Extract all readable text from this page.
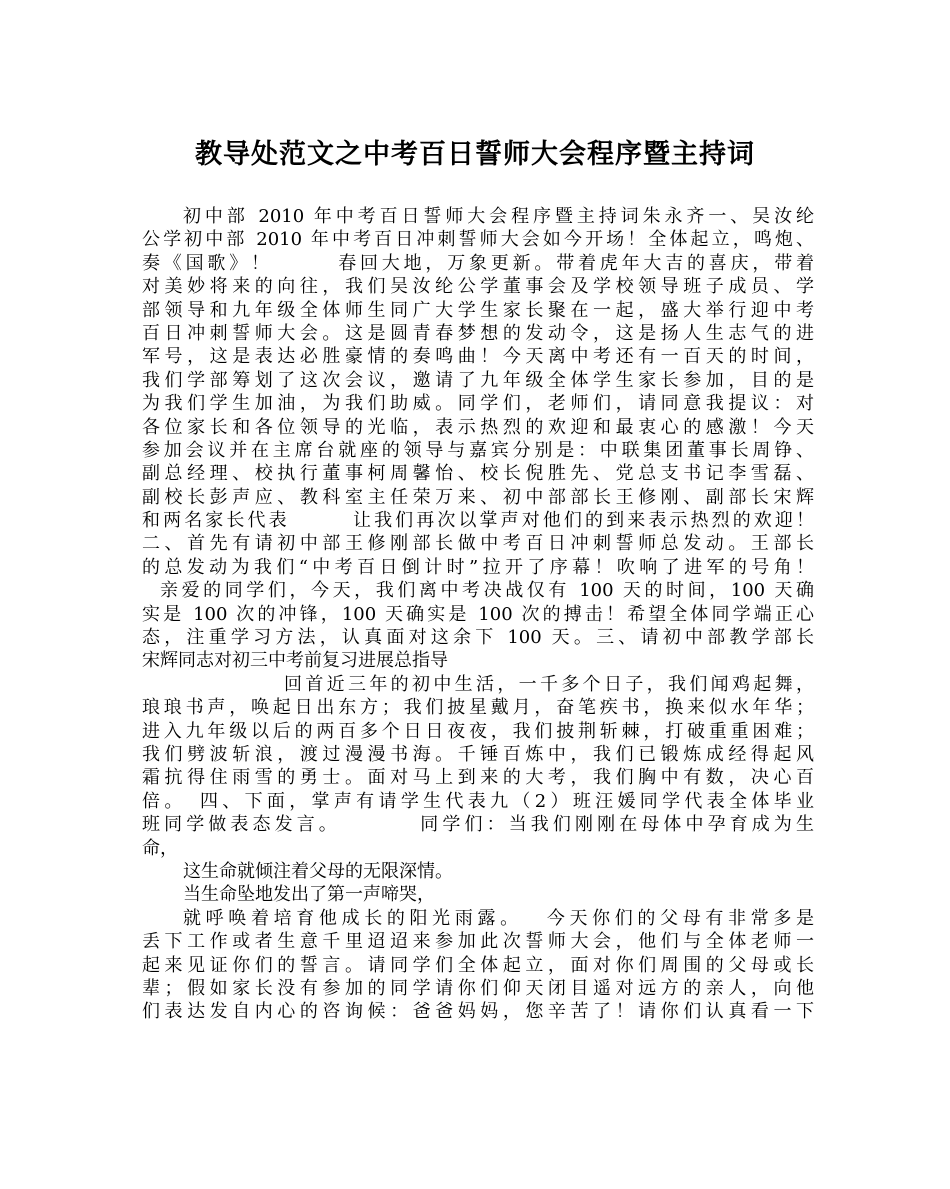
教导处范文之中考百日誓师大会程序暨主持词
初中部 2010 年中考百日誓师大会程序暨主持词朱永齐一、吴汝纶
公学初中部 2010 年中考百日冲刺誓师大会如今开场！全体起立，鸣炮、
奏《国歌》！　　　春回大地，万象更新。带着虎年大吉的喜庆，带着
对美妙将来的向往，我们吴汝纶公学董事会及学校领导班子成员、学
部领导和九年级全体师生同广大学生家长聚在一起，盛大举行迎中考
百日冲刺誓师大会。这是圆青春梦想的发动令，这是扬人生志气的进
军号，这是表达必胜豪情的奏鸣曲！今天离中考还有一百天的时间，
我们学部筹划了这次会议，邀请了九年级全体学生家长参加，目的是
为我们学生加油，为我们助威。同学们，老师们，请同意我提议：对
各位家长和各位领导的光临，表示热烈的欢迎和最衷心的感激！今天
参加会议并在主席台就座的领导与嘉宾分别是：中联集团董事长周铮、
副总经理、校执行董事柯周馨怡、校长倪胜先、党总支书记李雪磊、
副校长彭声应、教科室主任荣万来、初中部部长王修刚、副部长宋辉
和两名家长代表　　　让我们再次以掌声对他们的到来表示热烈的欢迎！
二、首先有请初中部王修刚部长做中考百日冲刺誓师总发动。王部长
的总发动为我们“中考百日倒计时”拉开了序幕！吹响了进军的号角！
亲爱的同学们，今天，我们离中考决战仅有 100 天的时间，100 天确
实是 100 次的冲锋，100 天确实是 100 次的搏击！希望全体同学端正心
态，注重学习方法，认真面对这余下 100 天。三、请初中部教学部长
宋辉同志对初三中考前复习进展总指导
回首近三年的初中生活，一千多个日子，我们闻鸡起舞，
琅琅书声，唤起日出东方；我们披星戴月，奋笔疾书，换来似水年华；
进入九年级以后的两百多个日日夜夜，我们披荆斩棘，打破重重困难；
我们劈波斩浪，渡过漫漫书海。千锤百炼中，我们已锻炼成经得起风
霜抗得住雨雪的勇士。面对马上到来的大考，我们胸中有数，决心百
倍。　四、下面，掌声有请学生代表九（2）班汪媛同学代表全体毕业
班同学做表态发言。　　　　同学们：当我们刚刚在母体中孕育成为生
命，
这生命就倾注着父母的无限深情。
当生命坠地发出了第一声啼哭，
就呼唤着培育他成长的阳光雨露。　 今天你们的父母有非常多是
丢下工作或者生意千里迢迢来参加此次誓师大会，他们与全体老师一
起来见证你们的誓言。请同学们全体起立，面对你们周围的父母或长
辈；假如家长没有参加的同学请你们仰天闭目遥对远方的亲人，向他
们表达发自内心的咨询候：爸爸妈妈，您辛苦了！请你们认真看一下
